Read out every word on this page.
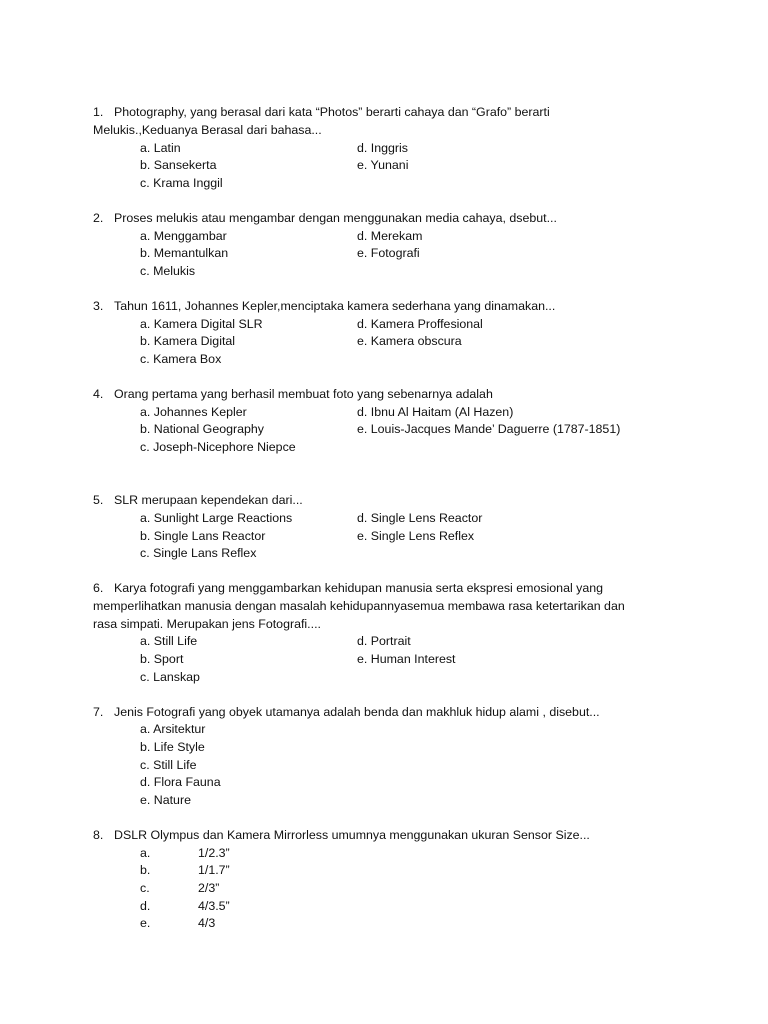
1. Photography, yang berasal dari kata “Photos” berarti cahaya dan “Grafo” berarti
Melukis.,Keduanya Berasal dari bahasa...
a. Latin
b. Sansekerta
c. Krama Inggil
d. Inggris
e. Yunani
2. Proses melukis atau mengambar dengan menggunakan media cahaya, dsebut...
a. Menggambar
b. Memantulkan
c. Melukis
d. Merekam
e. Fotografi
3. Tahun 1611, Johannes Kepler,menciptaka kamera sederhana yang dinamakan...
a. Kamera Digital SLR
b. Kamera Digital
c. Kamera Box
d. Kamera Proffesional
e. Kamera obscura
4. Orang pertama yang berhasil membuat foto yang sebenarnya adalah
a. Johannes Kepler
b. National Geography
c. Joseph-Nicephore Niepce
d. Ibnu Al Haitam (Al Hazen)
e. Louis-Jacques Mande’ Daguerre (1787-1851)
5. SLR merupaan kependekan dari...
a. Sunlight Large Reactions
b. Single Lans Reactor
c. Single Lans Reflex
d. Single Lens Reactor
e. Single Lens Reflex
6. Karya fotografi yang menggambarkan kehidupan manusia serta ekspresi emosional yang
memperlihatkan manusia dengan masalah kehidupannyasemua membawa rasa ketertarikan dan
rasa simpati. Merupakan jens Fotografi....
a. Still Life
b. Sport
c. Lanskap
d. Portrait
e. Human Interest
7. Jenis Fotografi yang obyek utamanya adalah benda dan makhluk hidup alami , disebut...
a. Arsitektur
b. Life Style
c. Still Life
d. Flora Fauna
e. Nature
8. DSLR Olympus dan Kamera Mirrorless umumnya menggunakan ukuran Sensor Size...
a.	1/2.3”
b.	1/1.7”
c.	2/3”
d.	4/3.5”
e.	4/3
